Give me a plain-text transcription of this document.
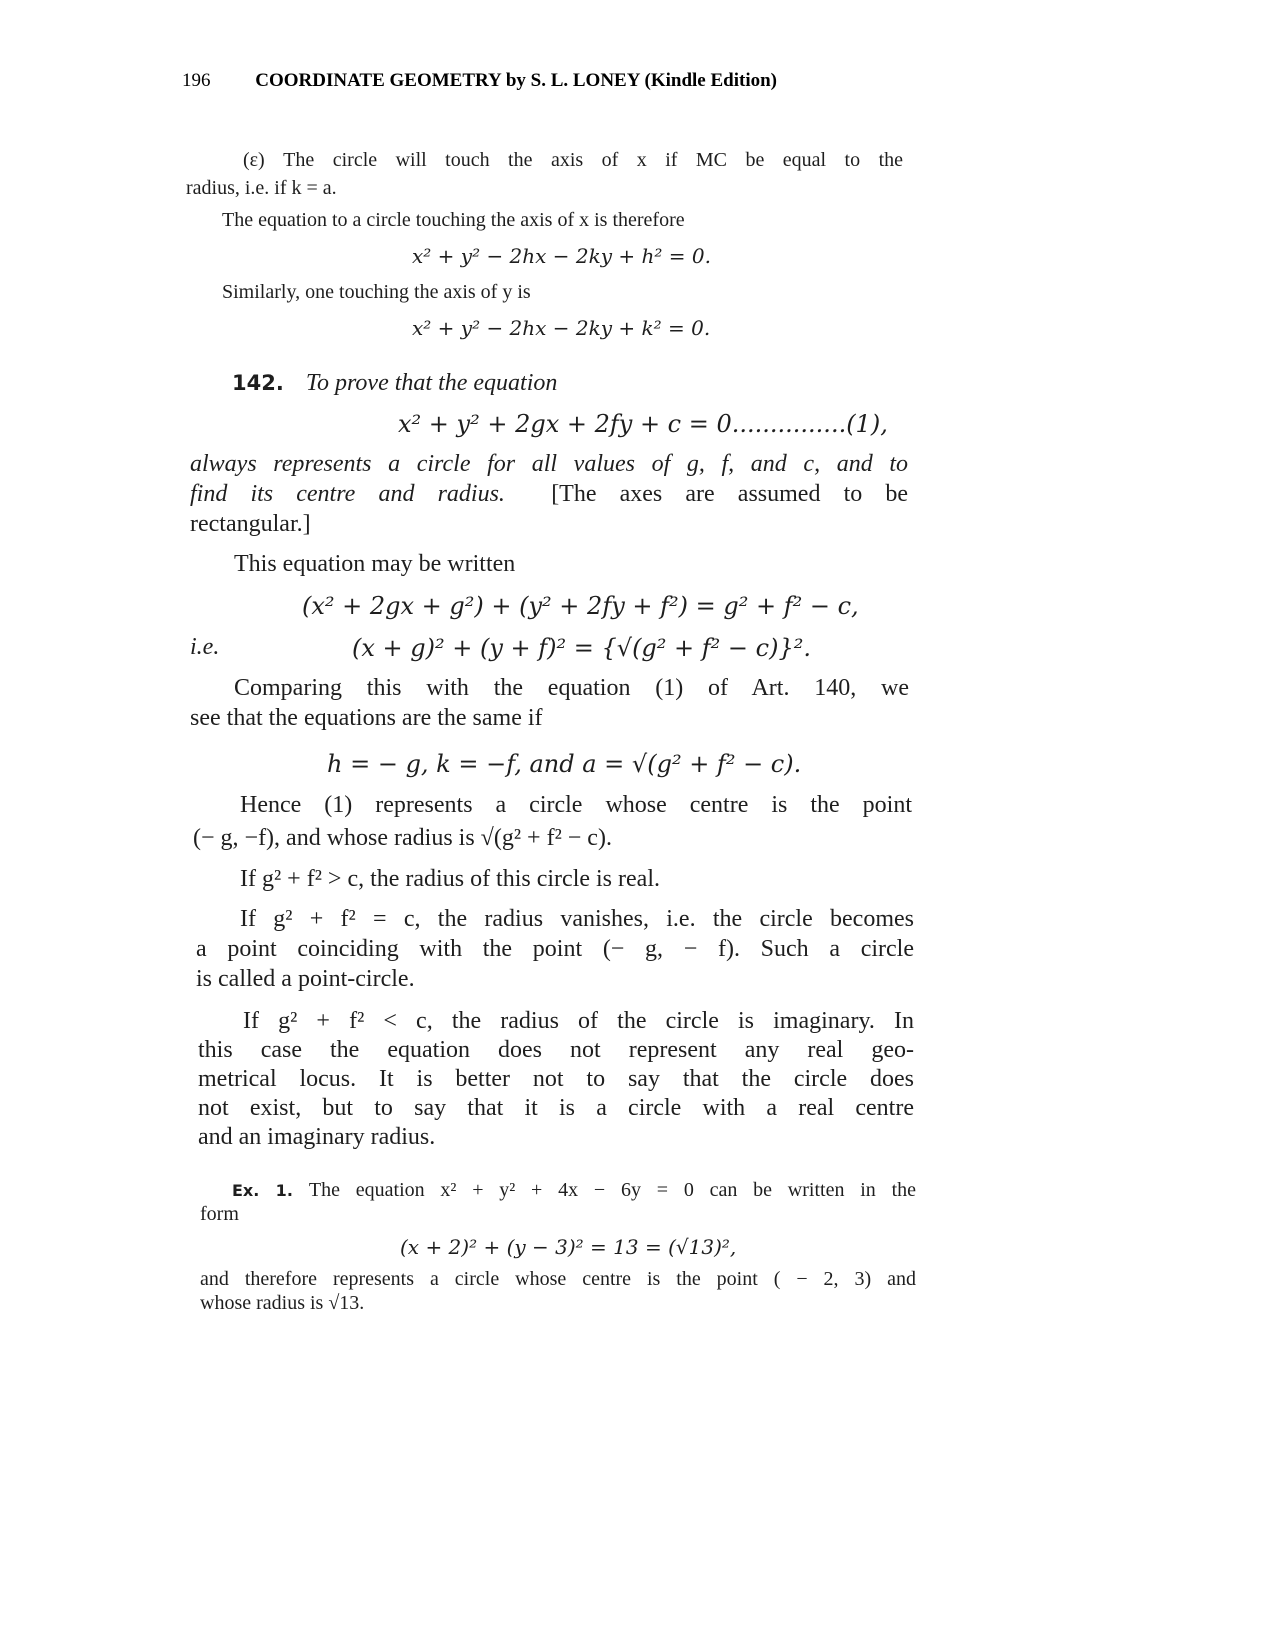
196 COORDINATE GEOMETRY by S. L. LONEY (Kindle Edition)
(ε) The circle will touch the axis of x if MC be equal to the
radius, i.e. if k = a.
The equation to a circle touching the axis of x is therefore
x² + y² − 2hx − 2ky + h² = 0.
Similarly, one touching the axis of y is
x² + y² − 2hx − 2ky + k² = 0.
142. To prove that the equation
x² + y² + 2gx + 2fy + c = 0...............(1),
always represents a circle for all values of g, f, and c, and to
find its centre and radius. [The axes are assumed to be
rectangular.]
This equation may be written
(x² + 2gx + g²) + (y² + 2fy + f²) = g² + f² − c,
i.e.	(x + g)² + (y + f)² = {√(g² + f² − c)}².
Comparing this with the equation (1) of Art. 140, we
see that the equations are the same if
h = − g, k = −f, and a = √(g² + f² − c).
Hence (1) represents a circle whose centre is the point
(− g, −f), and whose radius is √(g² + f² − c).
If g² + f² > c, the radius of this circle is real.
If g² + f² = c, the radius vanishes, i.e. the circle becomes
a point coinciding with the point (− g, − f). Such a circle
is called a point-circle.
If g² + f² < c, the radius of the circle is imaginary. In
this case the equation does not represent any real geo-
metrical locus. It is better not to say that the circle does
not exist, but to say that it is a circle with a real centre
and an imaginary radius.
Ex. 1. The equation x² + y² + 4x − 6y = 0 can be written in the
form
(x + 2)² + (y − 3)² = 13 = (√13)²,
and therefore represents a circle whose centre is the point ( − 2, 3) and
whose radius is √13.
